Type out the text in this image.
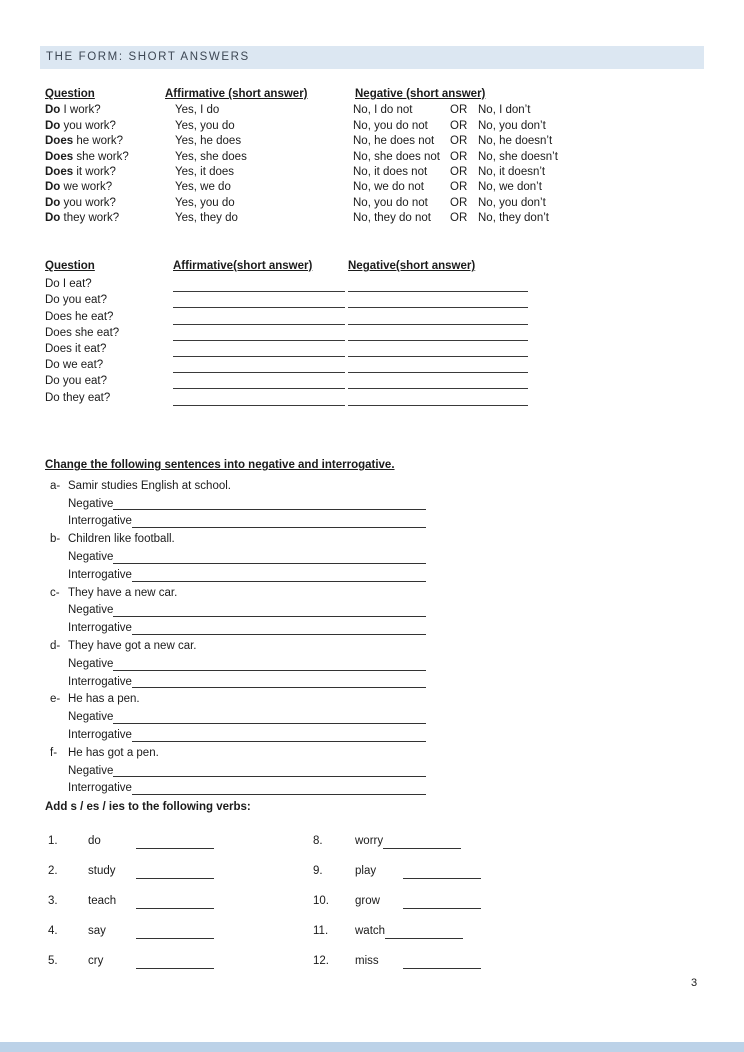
THE FORM: SHORT ANSWERS
Question	Affirmative (short answer)	Negative (short answer)
Do I work?	Yes, I do	No, I do not	OR No, I don’t
Do you work?	Yes, you do	No, you do not	OR No, you don’t
Does he work?	Yes, he does	No, he does not	OR No, he doesn’t
Does she work?	Yes, she does	No, she does not OR No, she doesn’t
Does it work?	Yes, it does	No, it does not	OR No, it doesn’t
Do we work?	Yes, we do	No, we do not	OR No, we don’t
Do you work?	Yes, you do	No, you do not	OR No, you don’t
Do they work?	Yes, they do	No, they do not	OR No, they don’t
Question	Affirmative(short answer)	Negative(short answer)
Do I eat?
Do you eat?
Does he eat?
Does she eat?
Does it eat?
Do we eat?
Do you eat?
Do they eat?
Change the following sentences into negative and interrogative.
a- Samir studies English at school.
Negative
Interrogative
b- Children like football.
Negative
Interrogative
c- They have a new car.
Negative
Interrogative
d- They have got a new car.
Negative
Interrogative
e- He has a pen.
Negative
Interrogative
f- He has got a pen.
Negative
Interrogative
Add s / es / ies to the following verbs:
1.	do
2.	study
3.	teach
4.	say
5.	cry
8.	worry
9.	play
10.	grow
11.	watch
12.	miss
3
